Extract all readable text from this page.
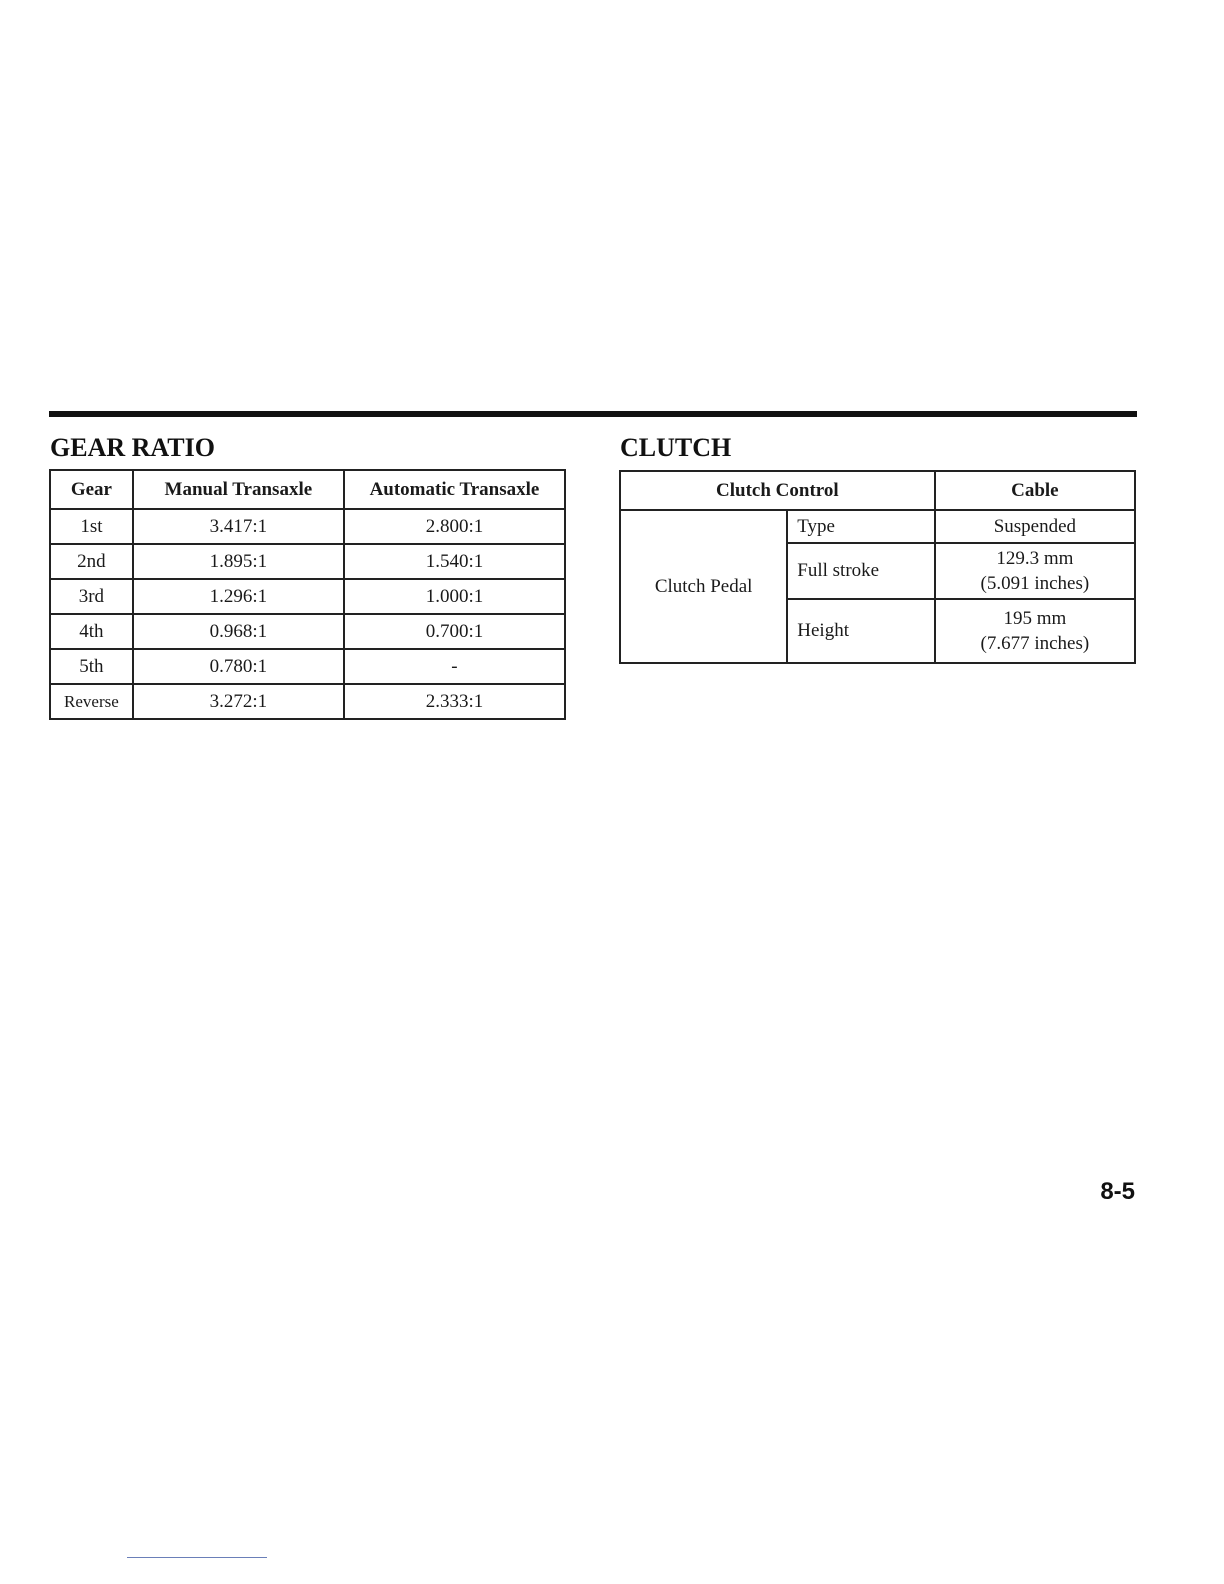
GEAR RATIO
Gear	Manual Transaxle	Automatic Transaxle
1st	3.417:1	2.800:1
2nd	1.895:1	1.540:1
3rd	1.296:1	1.000:1
4th	0.968:1	0.700:1
5th	0.780:1	-
Reverse	3.272:1	2.333:1
CLUTCH
Clutch Control		Cable
Clutch Pedal	Type	Suspended

	Full stroke	129.3 mm
(5.091 inches)

	Height	195 mm
(7.677 inches)
8-5
